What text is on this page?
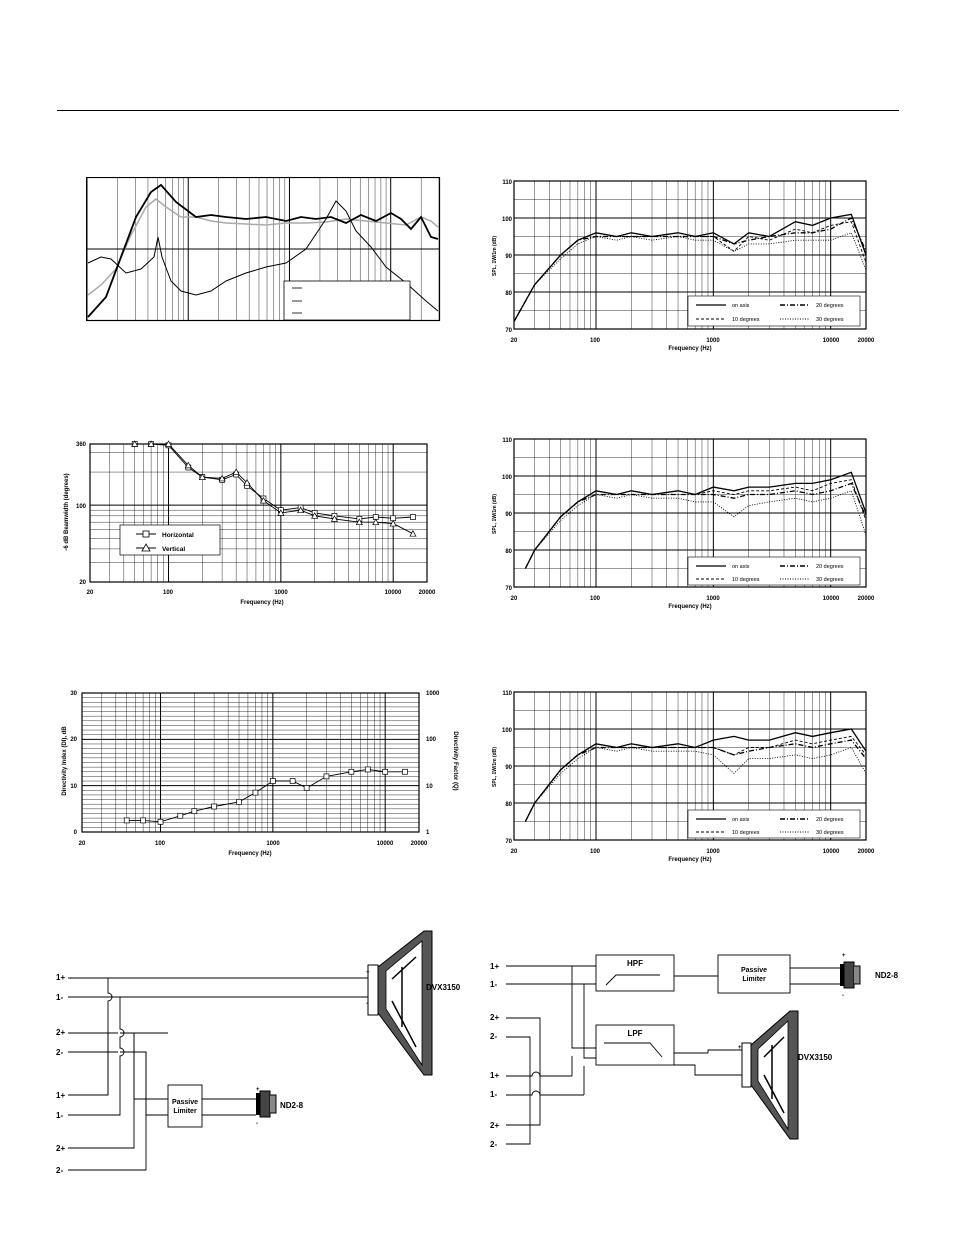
110
100
90
80
70
20	100	1000	10000	20000
Frequency (Hz)
SPL, 1W/1m (dB)
on axis
10 degrees
20 degrees
30 degrees
110
100
90
80
70
20	100	1000	10000	20000
Frequency (Hz)
SPL, 1W/1m (dB)
on axis
10 degrees
20 degrees
30 degrees
110
100
90
80
70
20	100	1000	10000	20000
Frequency (Hz)
SPL, 1W/1m (dB)
on axis
10 degrees
20 degrees
30 degrees
360
100
20
20	100	1000	10000	20000
Frequency (Hz)
-6 dB Beamwidth (degrees)	Horizontal
Vertical
30
20
10
0
1000
100
10
1
20	100	1000	10000	20000
Frequency (Hz)
Directivity Index (DI), dB	Directivity Factor (Q)
Passive
Limiter
1+
1-
2+
2-
1+
1-
2+
2-
+
-
DVX3150
+
-
ND2-8
HPF
LPF
Passive
Limiter
1+
1-
2+
2-
1+
1-
2+
2-
+
-
ND2-8
+
-
DVX3150
